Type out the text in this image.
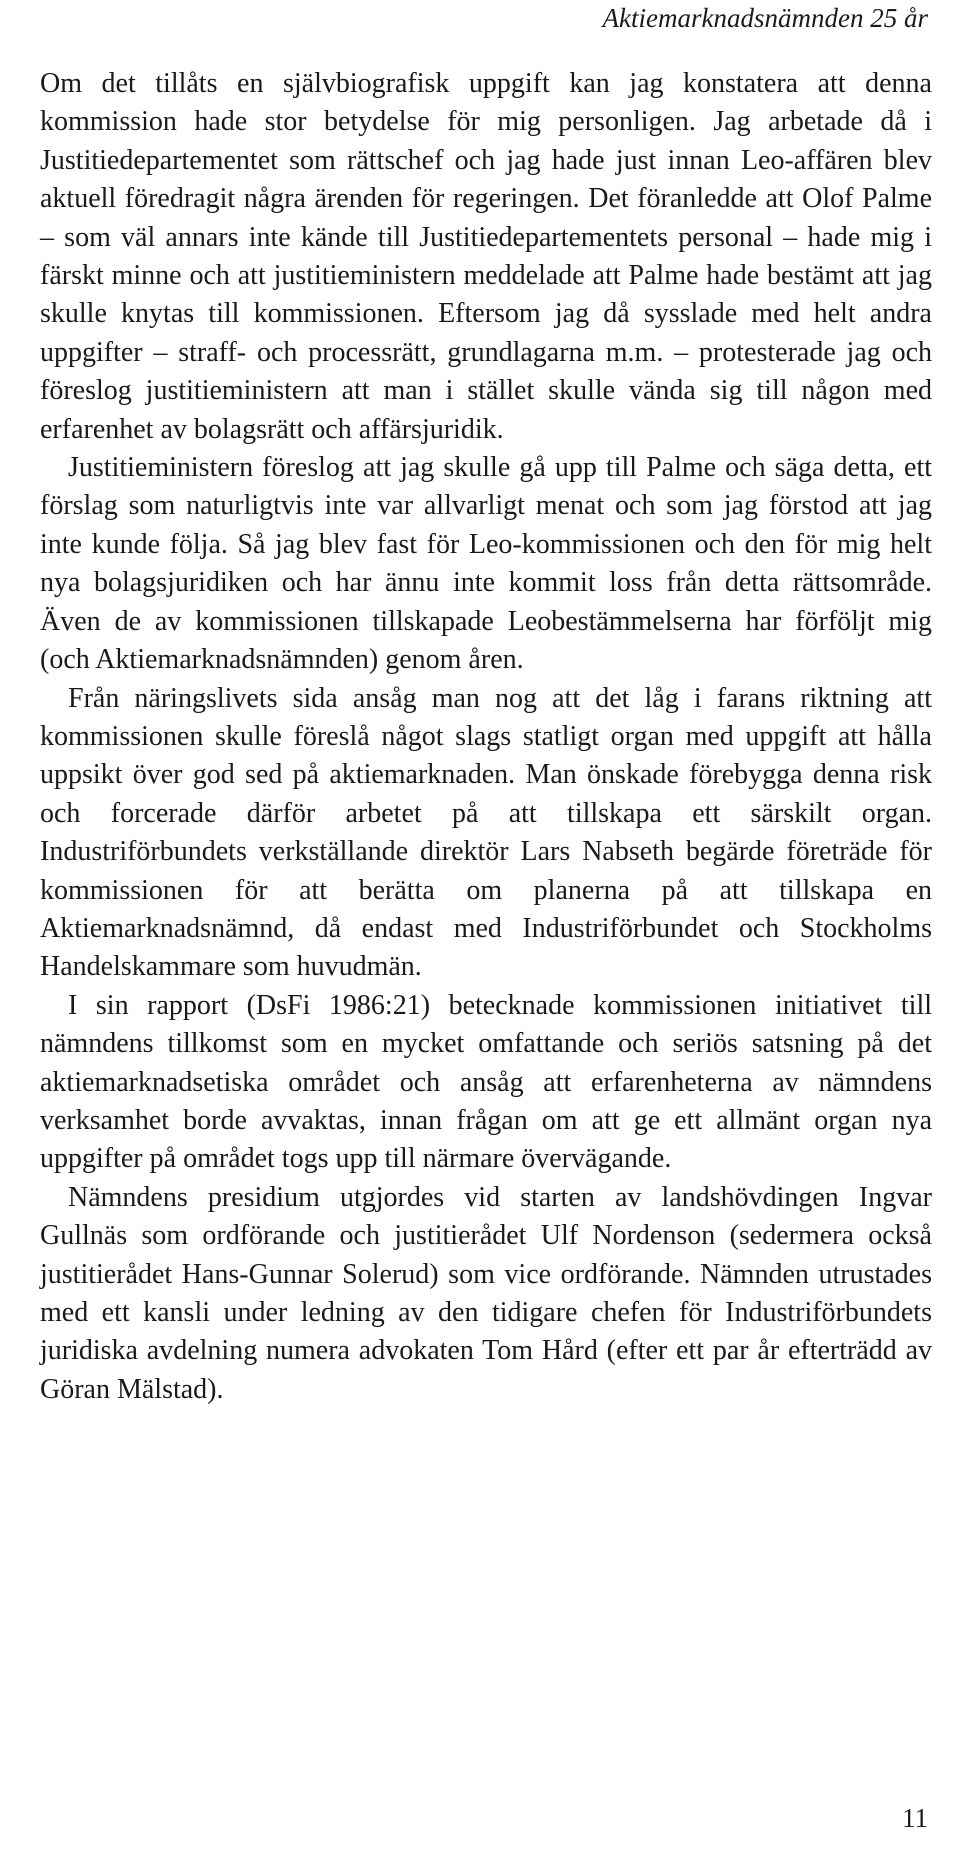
Aktiemarknadsnämnden 25 år

Om det tillåts en självbiografisk uppgift kan jag konstatera att denna kommission hade stor betydelse för mig personligen. Jag arbetade då i Justitiedepartementet som rättschef och jag hade just innan Leo-affären blev aktuell föredragit några ärenden för regeringen. Det föranledde att Olof Palme – som väl annars inte kände till Justitiedepartementets personal – hade mig i färskt minne och att justitieministern meddelade att Palme hade bestämt att jag skulle knytas till kommissionen. Eftersom jag då sysslade med helt andra uppgifter – straff- och processrätt, grundlagarna m.m. – protesterade jag och föreslog justitieministern att man i stället skulle vända sig till någon med erfarenhet av bolagsrätt och affärsjuridik.

Justitieministern föreslog att jag skulle gå upp till Palme och säga detta, ett förslag som naturligtvis inte var allvarligt menat och som jag förstod att jag inte kunde följa. Så jag blev fast för Leo-kommissionen och den för mig helt nya bolagsjuridiken och har ännu inte kommit loss från detta rättsområde. Även de av kommissionen tillskapade Leobestämmelserna har förföljt mig (och Aktiemarknadsnämnden) genom åren.

Från näringslivets sida ansåg man nog att det låg i farans riktning att kommissionen skulle föreslå något slags statligt organ med uppgift att hålla uppsikt över god sed på aktiemarknaden. Man önskade förebygga denna risk och forcerade därför arbetet på att tillskapa ett särskilt organ. Industriförbundets verkställande direktör Lars Nabseth begärde företräde för kommissionen för att berätta om planerna på att tillskapa en Aktiemarknadsnämnd, då endast med Industriförbundet och Stockholms Handelskammare som huvudmän.

I sin rapport (DsFi 1986:21) betecknade kommissionen initiativet till nämndens tillkomst som en mycket omfattande och seriös satsning på det aktiemarknadsetiska området och ansåg att erfarenheterna av nämndens verksamhet borde avvaktas, innan frågan om att ge ett allmänt organ nya uppgifter på området togs upp till närmare övervägande.

Nämndens presidium utgjordes vid starten av landshövdingen Ingvar Gullnäs som ordförande och justitierådet Ulf Nordenson (sedermera också justitierådet Hans-Gunnar Solerud) som vice ordförande. Nämnden utrustades med ett kansli under ledning av den tidigare chefen för Industriförbundets juridiska avdelning numera advokaten Tom Hård (efter ett par år efterträdd av Göran Mälstad).

11
